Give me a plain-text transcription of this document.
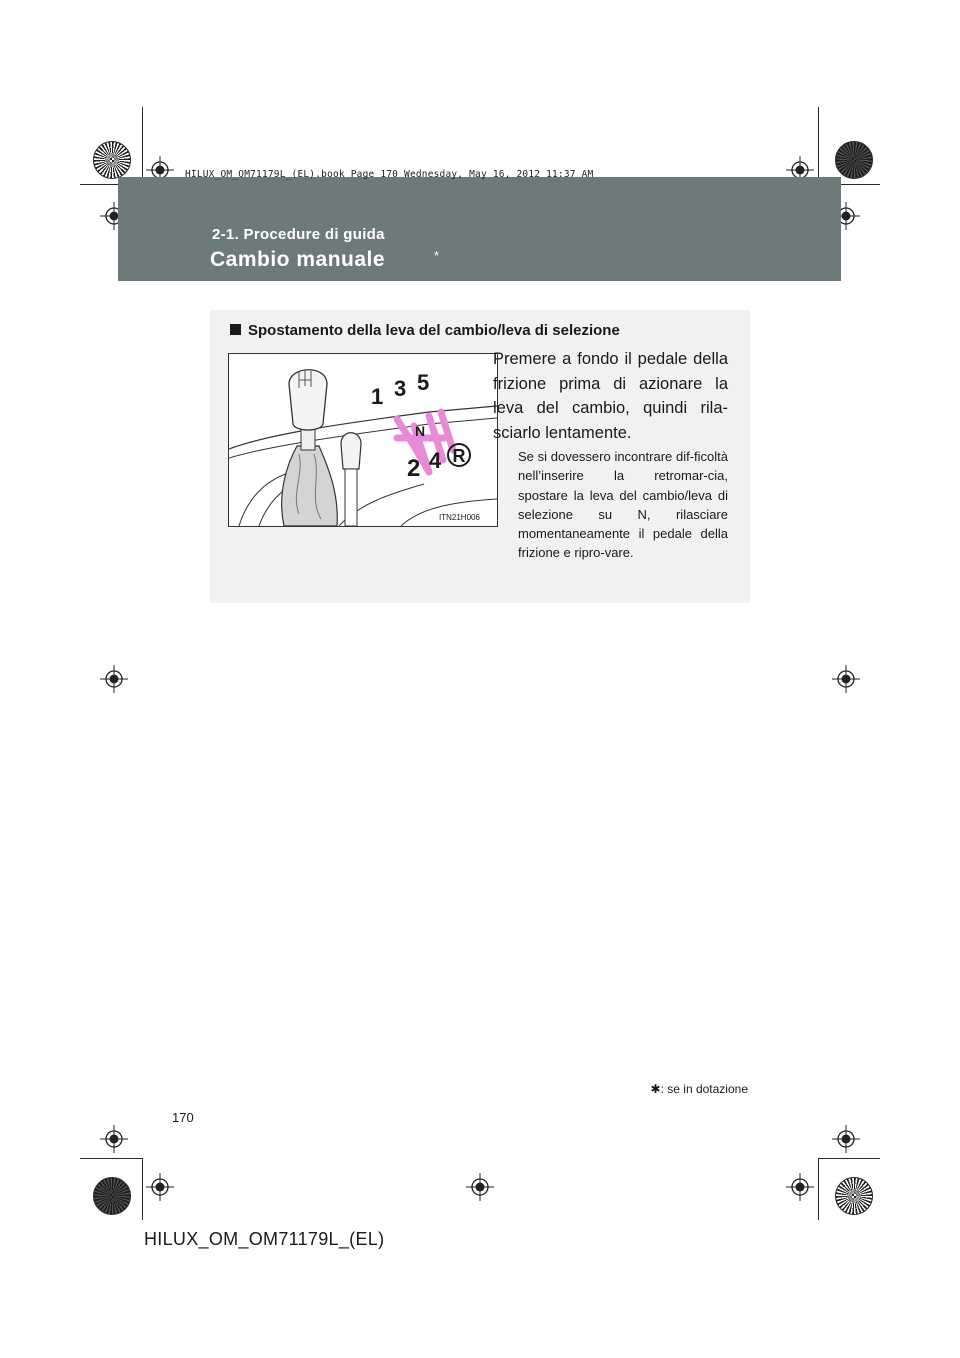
HILUX_OM_OM71179L_(EL).book Page 170 Wednesday, May 16, 2012 11:37 AM
2-1. Procedure di guida
Cambio manuale	*
Spostamento della leva del cambio/leva di selezione
1 3 5
N
2 4 R
ITN21H006
Premere a fondo il pedale della frizione prima di azionare la leva del cambio, quindi rila-sciarlo lentamente.
Se si dovessero incontrare dif-ficoltà nell’inserire la retromar-cia, spostare la leva del cambio/leva di selezione su N, rilasciare momentaneamente il pedale della frizione e ripro-vare.
✱: se in dotazione
170
HILUX_OM_OM71179L_(EL)
